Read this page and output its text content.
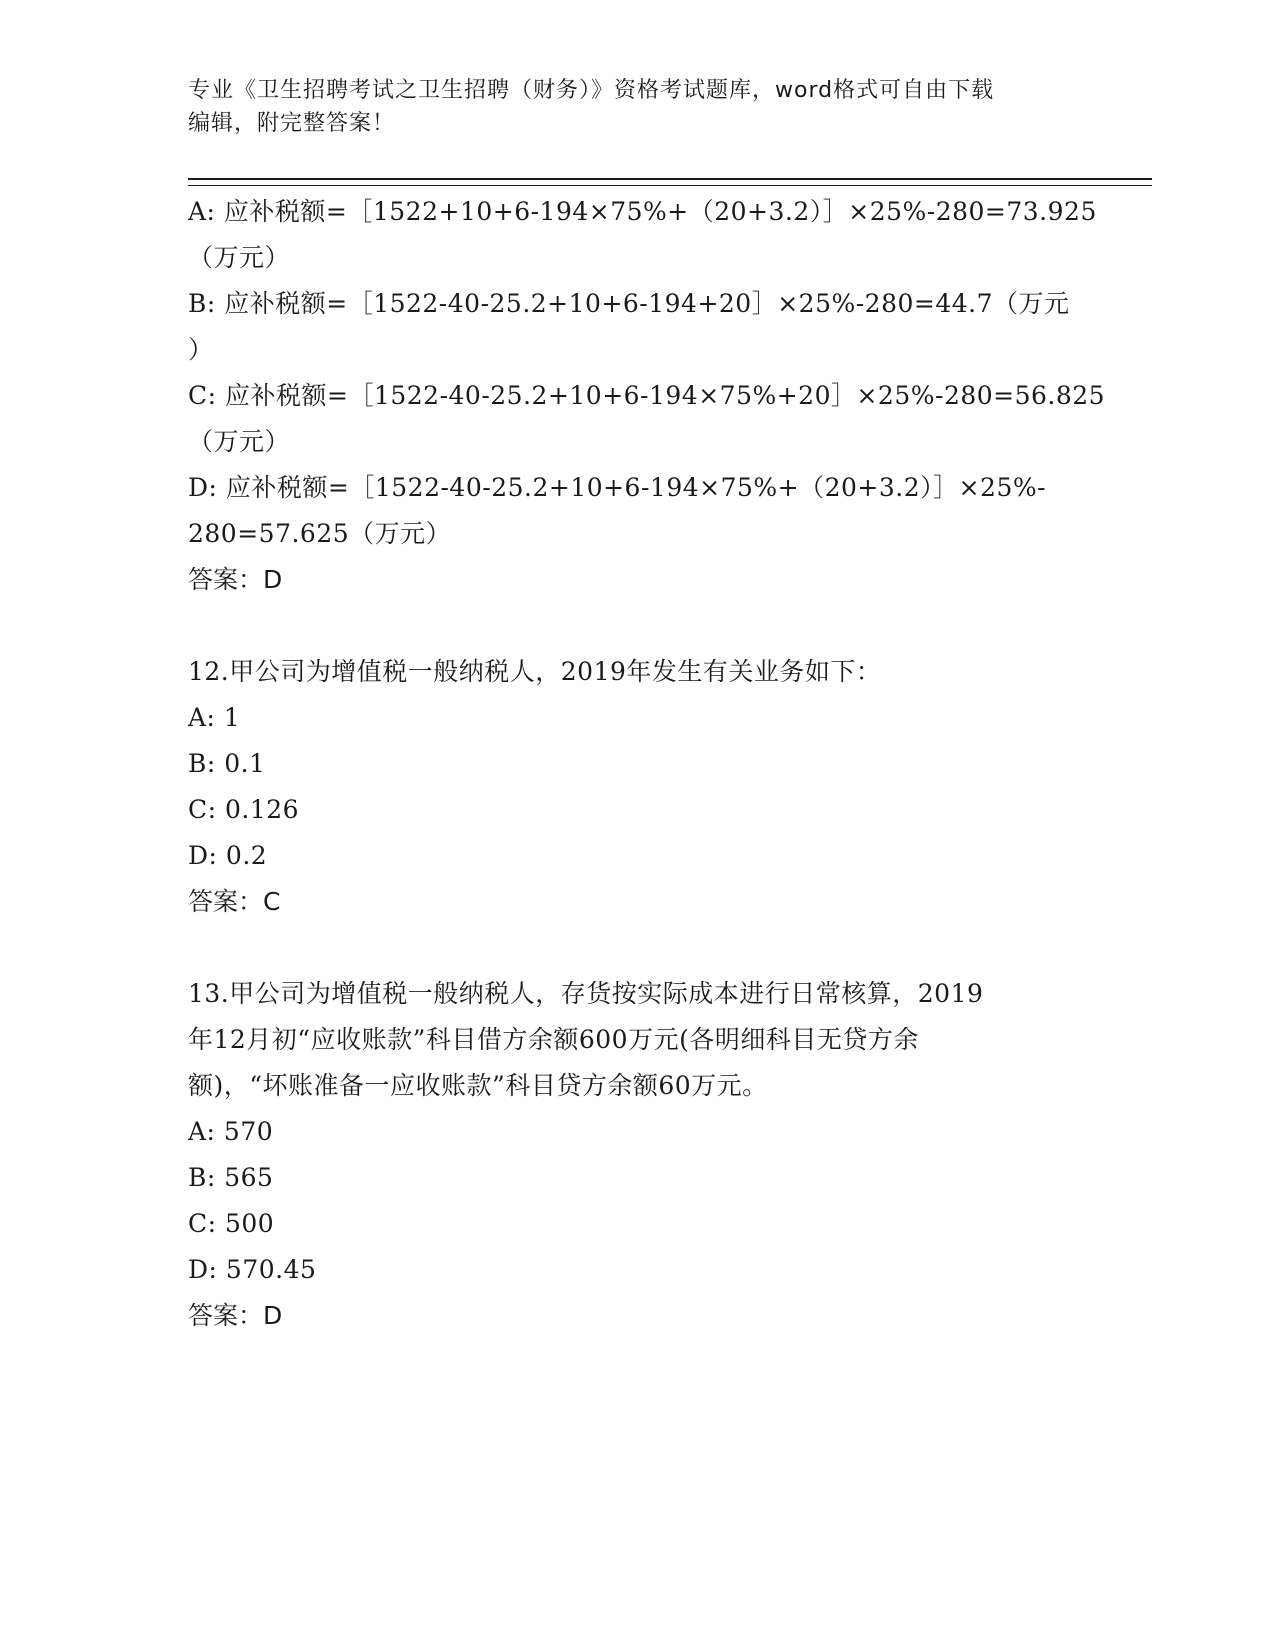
专业《卫生招聘考试之卫生招聘（财务）》资格考试题库，word格式可自由下载
编辑，附完整答案！
A: 应补税额=［1522+10+6-194×75%+（20+3.2）］×25%-280=73.925
（万元）
B: 应补税额=［1522-40-25.2+10+6-194+20］×25%-280=44.7（万元
）
C: 应补税额=［1522-40-25.2+10+6-194×75%+20］×25%-280=56.825
（万元）
D: 应补税额=［1522-40-25.2+10+6-194×75%+（20+3.2）］×25%-
280=57.625（万元）
答案：D
12.甲公司为增值税一般纳税人，2019年发生有关业务如下：
A: 1
B: 0.1
C: 0.126
D: 0.2
答案：C
13.甲公司为增值税一般纳税人，存货按实际成本进行日常核算，2019
年12月初“应收账款”科目借方余额600万元(各明细科目无贷方余
额)，“坏账准备一应收账款”科目贷方余额60万元。
A: 570
B: 565
C: 500
D: 570.45
答案：D
